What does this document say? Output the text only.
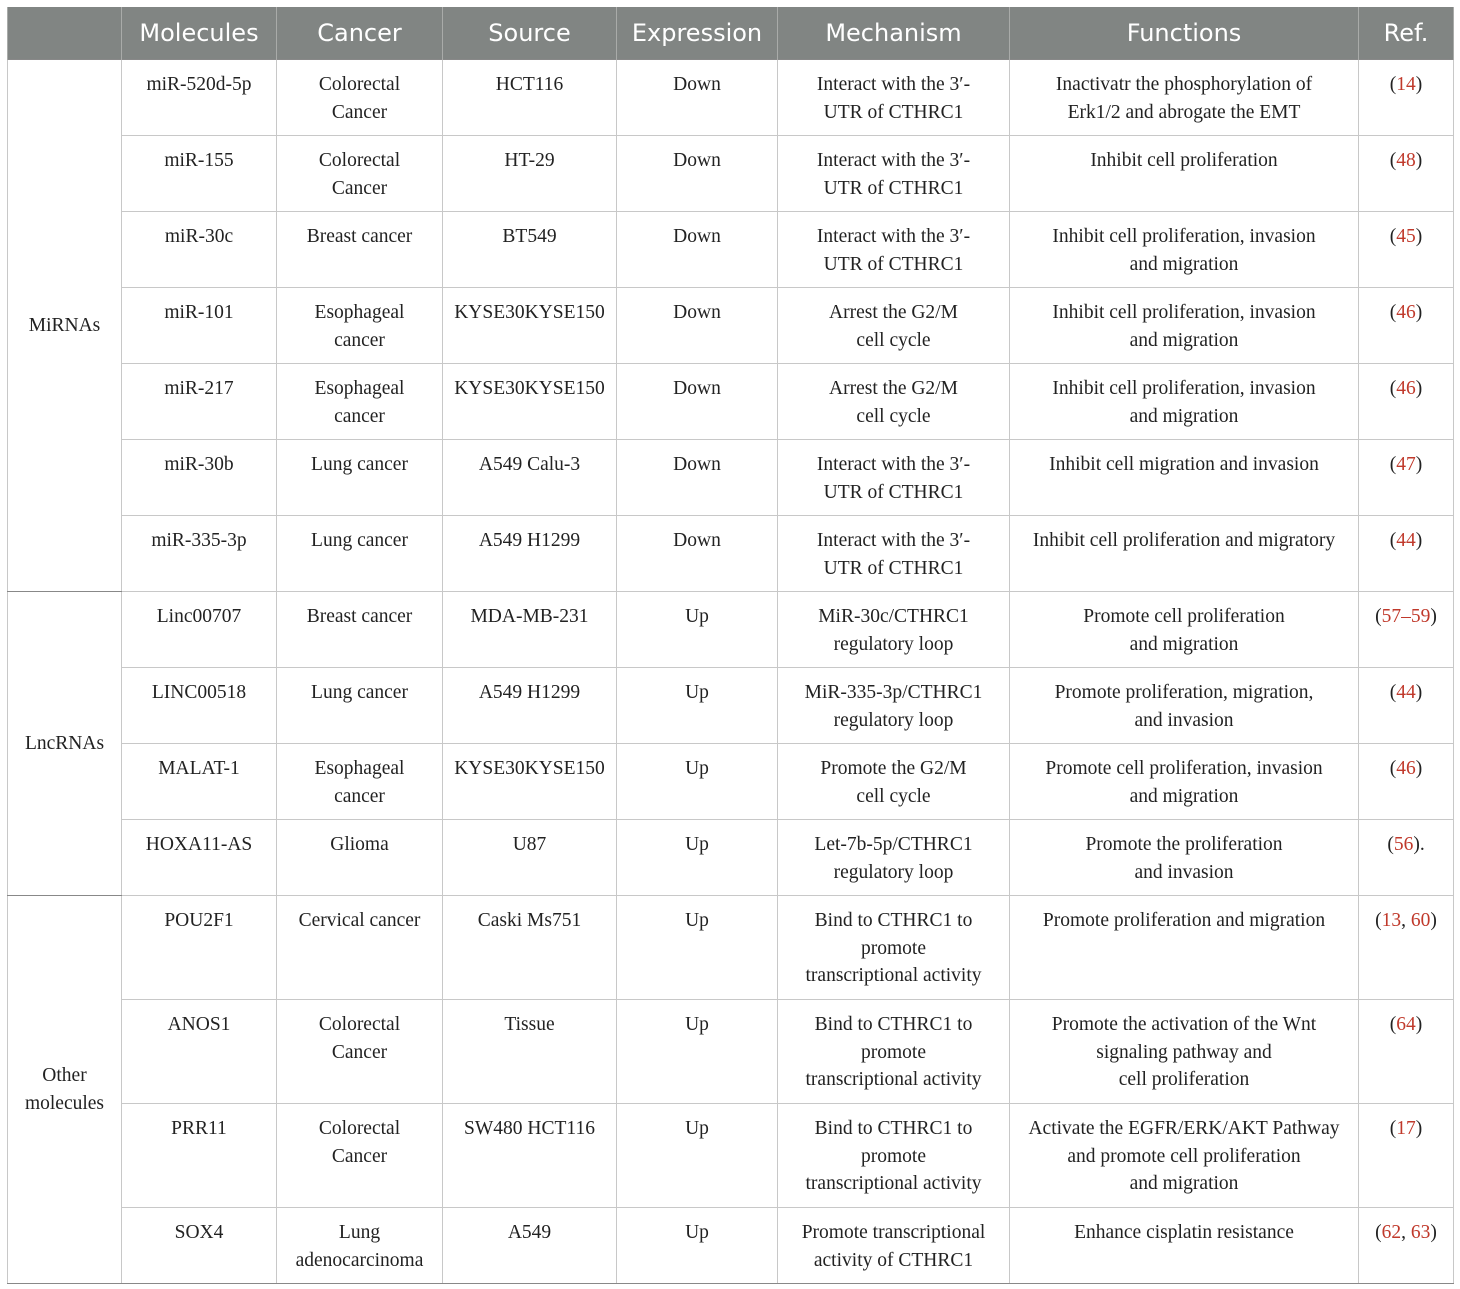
	Molecules	Cancer	Source	Expression	Mechanism	Functions	Ref.
MiRNAs	miR-520d-5p	Colorectal
Cancer	HCT116	Down	Interact with the 3′-
UTR of CTHRC1	Inactivatr the phosphorylation of
Erk1/2 and abrogate the EMT	(14)
	miR-155	Colorectal
Cancer	HT-29	Down	Interact with the 3′-
UTR of CTHRC1	Inhibit cell proliferation	(48)
	miR-30c	Breast cancer	BT549	Down	Interact with the 3′-
UTR of CTHRC1	Inhibit cell proliferation, invasion
and migration	(45)
	miR-101	Esophageal
cancer	KYSE30KYSE150	Down	Arrest the G2/M
cell cycle	Inhibit cell proliferation, invasion
and migration	(46)
	miR-217	Esophageal
cancer	KYSE30KYSE150	Down	Arrest the G2/M
cell cycle	Inhibit cell proliferation, invasion
and migration	(46)
	miR-30b	Lung cancer	A549 Calu-3	Down	Interact with the 3′-
UTR of CTHRC1	Inhibit cell migration and invasion	(47)
	miR-335-3p	Lung cancer	A549 H1299	Down	Interact with the 3′-
UTR of CTHRC1	Inhibit cell proliferation and migratory	(44)
LncRNAs	Linc00707	Breast cancer	MDA-MB-231	Up	MiR-30c/CTHRC1
regulatory loop	Promote cell proliferation
and migration	(57–59)
	LINC00518	Lung cancer	A549 H1299	Up	MiR-335-3p/CTHRC1
regulatory loop	Promote proliferation, migration,
and invasion	(44)
	MALAT-1	Esophageal
cancer	KYSE30KYSE150	Up	Promote the G2/M
cell cycle	Promote cell proliferation, invasion
and migration	(46)
	HOXA11-AS	Glioma	U87	Up	Let-7b-5p/CTHRC1
regulatory loop	Promote the proliferation
and invasion	(56).
Other
molecules	POU2F1	Cervical cancer	Caski Ms751	Up	Bind to CTHRC1 to
promote
transcriptional activity	Promote proliferation and migration	(13, 60)
	ANOS1	Colorectal
Cancer	Tissue	Up	Bind to CTHRC1 to
promote
transcriptional activity	Promote the activation of the Wnt
signaling pathway and
cell proliferation	(64)
	PRR11	Colorectal
Cancer	SW480 HCT116	Up	Bind to CTHRC1 to
promote
transcriptional activity	Activate the EGFR/ERK/AKT Pathway
and promote cell proliferation
and migration	(17)
	SOX4	Lung
adenocarcinoma	A549	Up	Promote transcriptional
activity of CTHRC1	Enhance cisplatin resistance	(62, 63)
